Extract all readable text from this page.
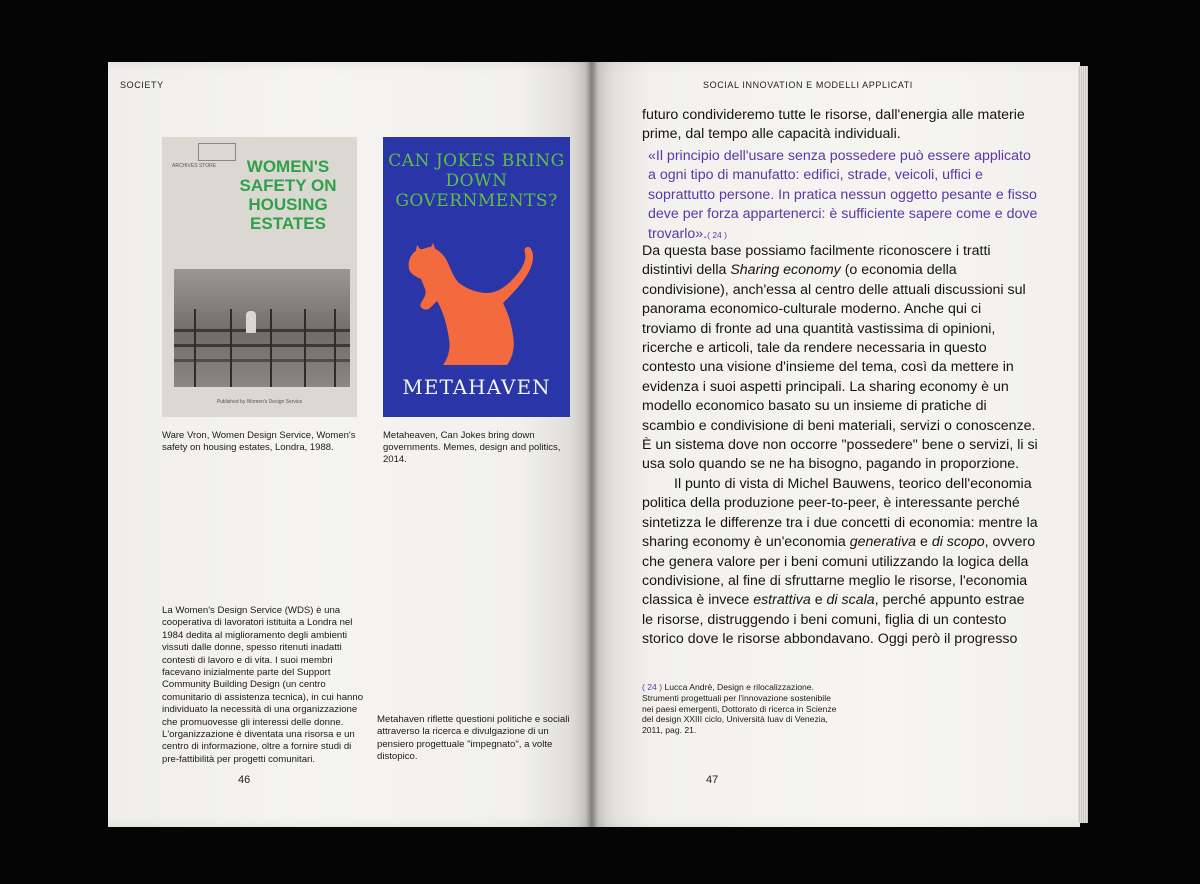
SOCIETY	SOCIAL INNOVATION E MODELLI APPLICATI
ARCHIVES STORE	WOMEN'S SAFETY ON HOUSING ESTATES
Published by Women's Design Service
CAN JOKES BRING DOWN GOVERNMENTS?
METAHAVEN
Ware Vron, Women Design Service, Women's safety on housing estates, Londra, 1988.
Metaheaven, Can Jokes bring down governments. Memes, design and politics, 2014.
La Women's Design Service (WDS) è una cooperativa di lavoratori istituita a Londra nel 1984 dedita al miglioramento degli ambienti vissuti dalle donne, spesso ritenuti inadatti contesti di lavoro e di vita. I suoi membri facevano inizialmente parte del Support Community Building Design (un centro comunitario di assistenza tecnica), in cui hanno individuato la necessità di una organizzazione che promuovesse gli interessi delle donne. L'organizzazione è diventata una risorsa e un centro di informazione, oltre a fornire studi di pre-fattibilità per progetti comunitari.
Metahaven riflette questioni politiche e sociali attraverso la ricerca e divulgazione di un pensiero progettuale "impegnato", a volte distopico.
46	47
futuro condivideremo tutte le risorse, dall'energia alle materie prime, dal tempo alle capacità individuali.
«Il principio dell'usare senza possedere può essere applicato a ogni tipo di manufatto: edifici, strade, veicoli, uffici e soprattutto persone. In pratica nessun oggetto pesante e fisso deve per forza appartenerci: è sufficiente sapere come e dove trovarlo».( 24 )

Da questa base possiamo facilmente riconoscere i tratti distintivi della Sharing economy (o economia della condivisione), anch'essa al centro delle attuali discussioni sul panorama economico-culturale moderno. Anche qui ci troviamo di fronte ad una quantità vastissima di opinioni, ricerche e articoli, tale da rendere necessaria in questo contesto una visione d'insieme del tema, così da mettere in evidenza i suoi aspetti principali. La sharing economy è un modello economico basato su un insieme di pratiche di scambio e condivisione di beni materiali, servizi o conoscenze. È un sistema dove non occorre "possedere" bene o servizi, li si usa solo quando se ne ha bisogno, pagando in proporzione.

Il punto di vista di Michel Bauwens, teorico dell'economia politica della produzione peer-to-peer, è interessante perché sintetizza le differenze tra i due concetti di economia: mentre la sharing economy è un'economia generativa e di scopo, ovvero che genera valore per i beni comuni utilizzando la logica della condivisione, al fine di sfruttarne meglio le risorse, l'economia classica è invece estrattiva e di scala, perché appunto estrae le risorse, distruggendo i beni comuni, figlia di un contesto storico dove le risorse abbondavano. Oggi però il progresso

( 24 ) Lucca Andrè, Design e rilocalizzazione. Strumenti progettuali per l'innovazione sostenibile nei paesi emergenti, Dottorato di ricerca in Scienze del design XXIII ciclo, Università Iuav di Venezia, 2011, pag. 21.
